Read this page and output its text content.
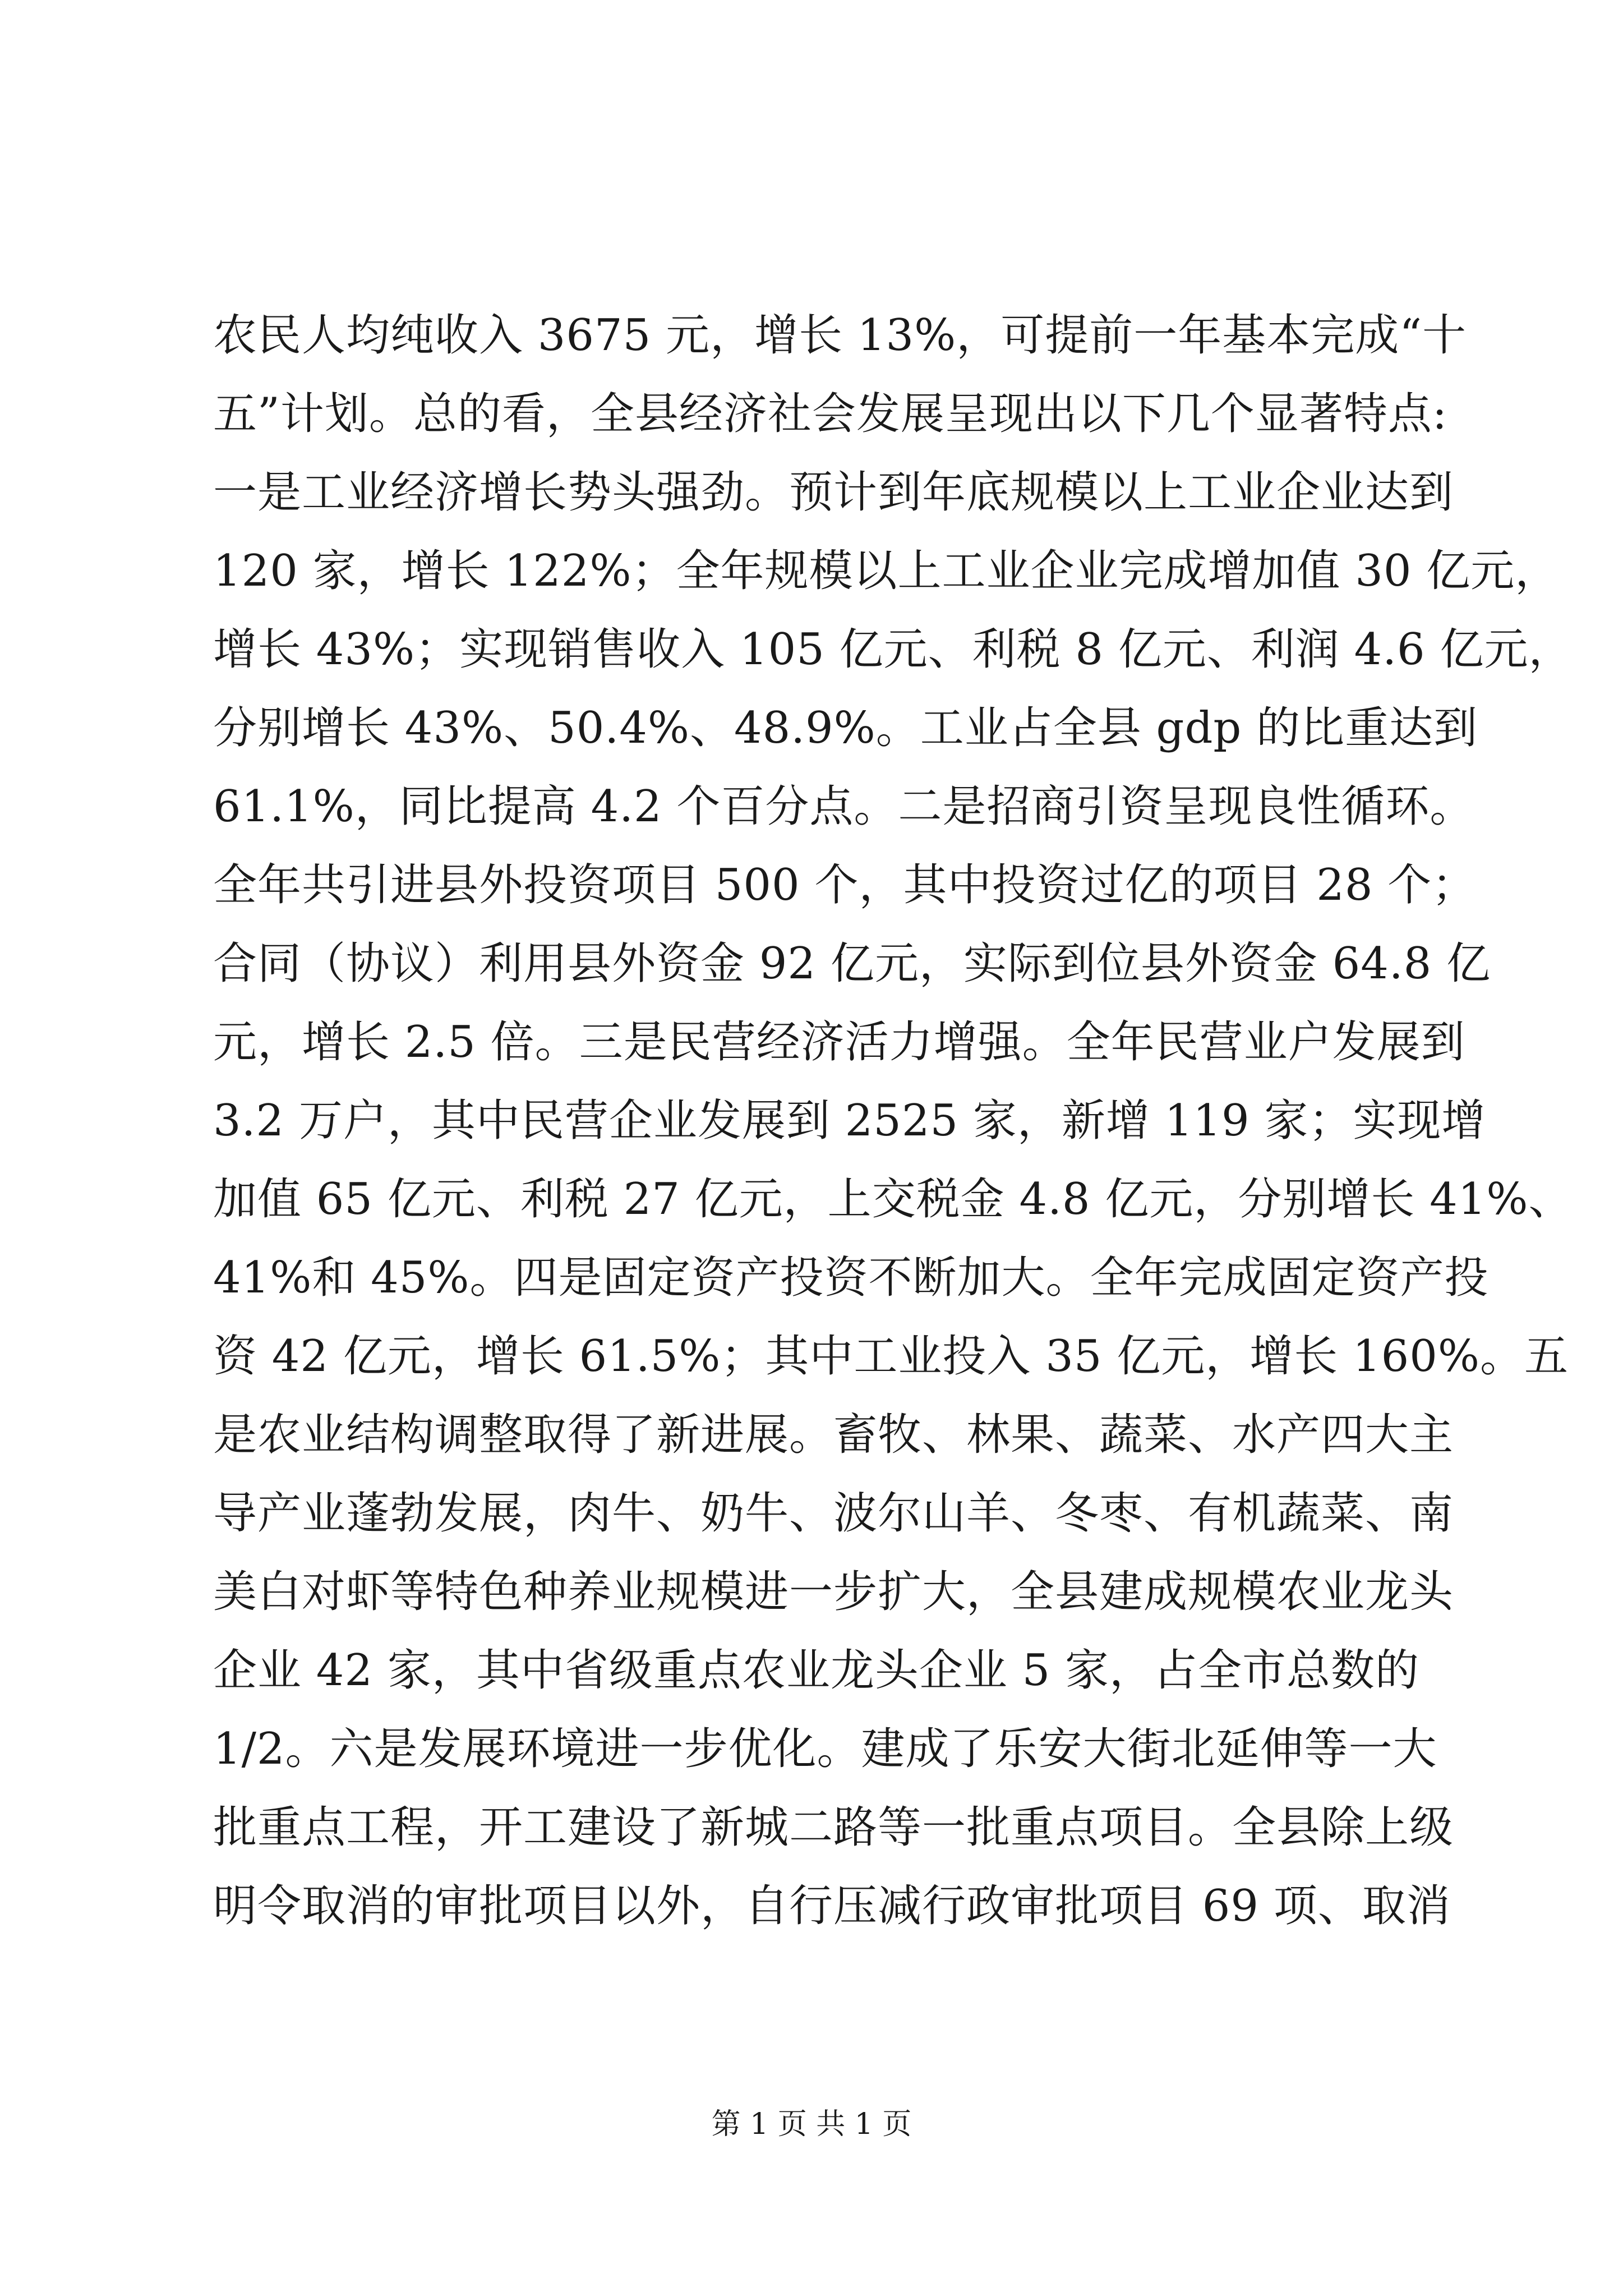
农民人均纯收入 3675 元，增长 13%，可提前一年基本完成“十
五”计划。总的看，全县经济社会发展呈现出以下几个显著特点:
一是工业经济增长势头强劲。预计到年底规模以上工业企业达到
120 家，增长 122%；全年规模以上工业企业完成增加值 30 亿元，
增长 43%；实现销售收入 105 亿元、利税 8 亿元、利润 4.6 亿元，
分别增长 43%、50.4%、48.9%。工业占全县 gdp 的比重达到
61.1%，同比提高 4.2 个百分点。二是招商引资呈现良性循环。
全年共引进县外投资项目 500 个，其中投资过亿的项目 28 个；
合同（协议）利用县外资金 92 亿元，实际到位县外资金 64.8 亿
元，增长 2.5 倍。三是民营经济活力增强。全年民营业户发展到
3.2 万户，其中民营企业发展到 2525 家，新增 119 家；实现增
加值 65 亿元、利税 27 亿元，上交税金 4.8 亿元，分别增长 41%、
41%和 45%。四是固定资产投资不断加大。全年完成固定资产投
资 42 亿元，增长 61.5%；其中工业投入 35 亿元，增长 160%。五
是农业结构调整取得了新进展。畜牧、林果、蔬菜、水产四大主
导产业蓬勃发展，肉牛、奶牛、波尔山羊、冬枣、有机蔬菜、南
美白对虾等特色种养业规模进一步扩大，全县建成规模农业龙头
企业 42 家，其中省级重点农业龙头企业 5 家，占全市总数的
1/2。六是发展环境进一步优化。建成了乐安大街北延伸等一大
批重点工程，开工建设了新城二路等一批重点项目。全县除上级
明令取消的审批项目以外，自行压减行政审批项目 69 项、取消
第 1 页 共 1 页
